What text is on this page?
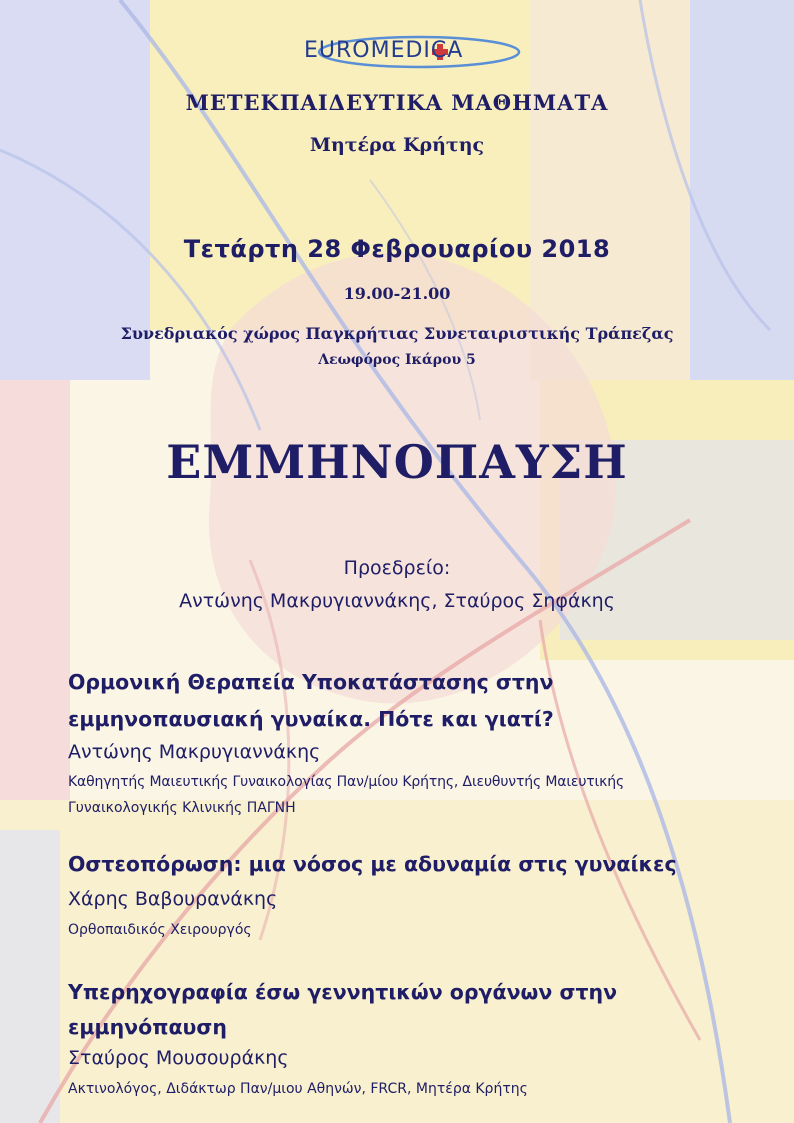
EUROMEDICA

ΜΕΤΕΚΠΑΙΔΕΥΤΙΚΑ ΜΑΘΗΜΑΤΑ

Μητέρα Κρήτης

Τετάρτη 28 Φεβρουαρίου 2018

19.00-21.00

Συνεδριακός χώρος Παγκρήτιας Συνεταιριστικής Τράπεζας

Λεωφόρος Ικάρου 5

ΕΜΜΗΝΟΠΑΥΣΗ

Προεδρείο:

Αντώνης Μακρυγιαννάκης, Σταύρος Σηφάκης

Ορμονική Θεραπεία Υποκατάστασης στην

εμμηνοπαυσιακή γυναίκα. Πότε και γιατί?

Αντώνης Μακρυγιαννάκης

Καθηγητής Μαιευτικής Γυναικολογίας Παν/μίου Κρήτης, Διευθυντής Μαιευτικής

Γυναικολογικής Κλινικής ΠΑΓΝΗ

Οστεοπόρωση: μια νόσος με αδυναμία στις γυναίκες

Χάρης Βαβουρανάκης

Ορθοπαιδικός Χειρουργός

Υπερηχογραφία έσω γεννητικών οργάνων στην

εμμηνόπαυση

Σταύρος Μουσουράκης

Ακτινολόγος, Διδάκτωρ Παν/μιου Αθηνών, FRCR, Μητέρα Κρήτης
